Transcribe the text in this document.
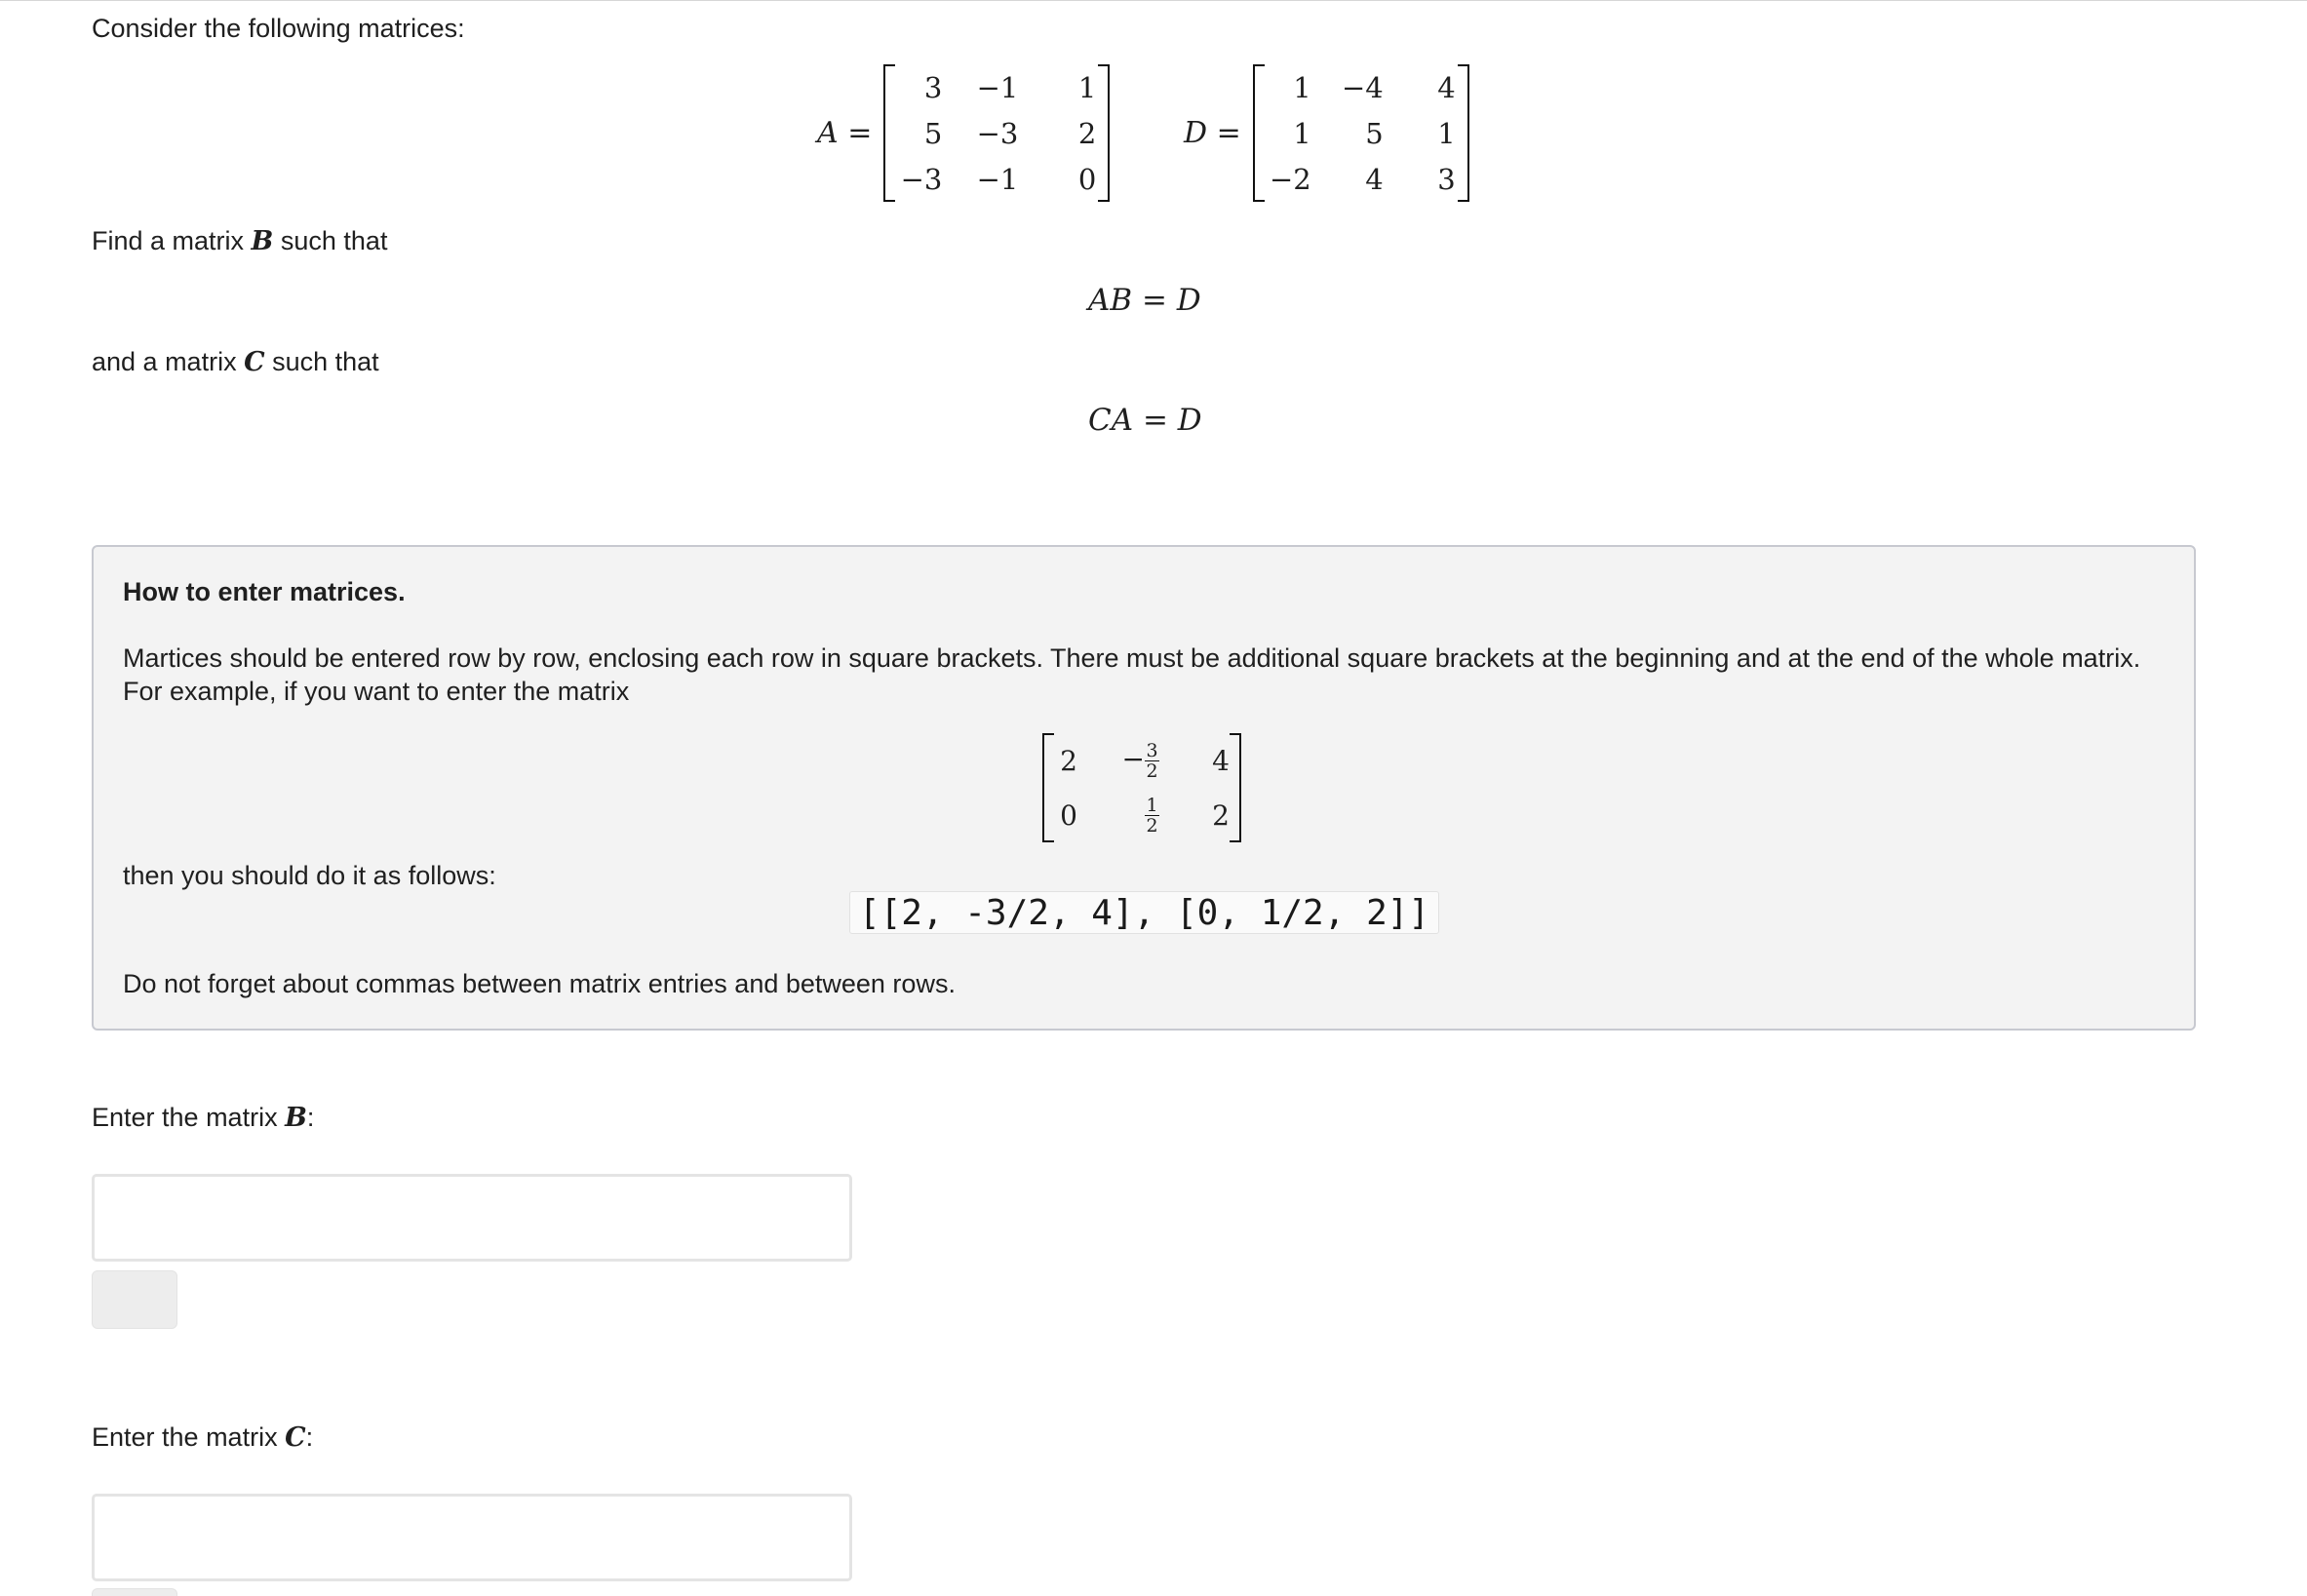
Consider the following matrices:
A =
3	−1	1
5	−3	2
−3	−1	0
D =
1	−4	4
1	5	1
−2	4	3
Find a matrix B such that
AB = D
and a matrix C such that
CA = D
How to enter matrices.
Martices should be entered row by row, enclosing each row in square brackets. There must be additional square brackets at the beginning and at the end of the whole matrix. For example, if you want to enter the matrix
2	− $\frac{3}{2}$	4
0	$\frac{1}{2}$	2
then you should do it as follows:
[[2, -3/2, 4], [0, 1/2, 2]]
Do not forget about commas between matrix entries and between rows.
Enter the matrix B:
Enter the matrix C:
